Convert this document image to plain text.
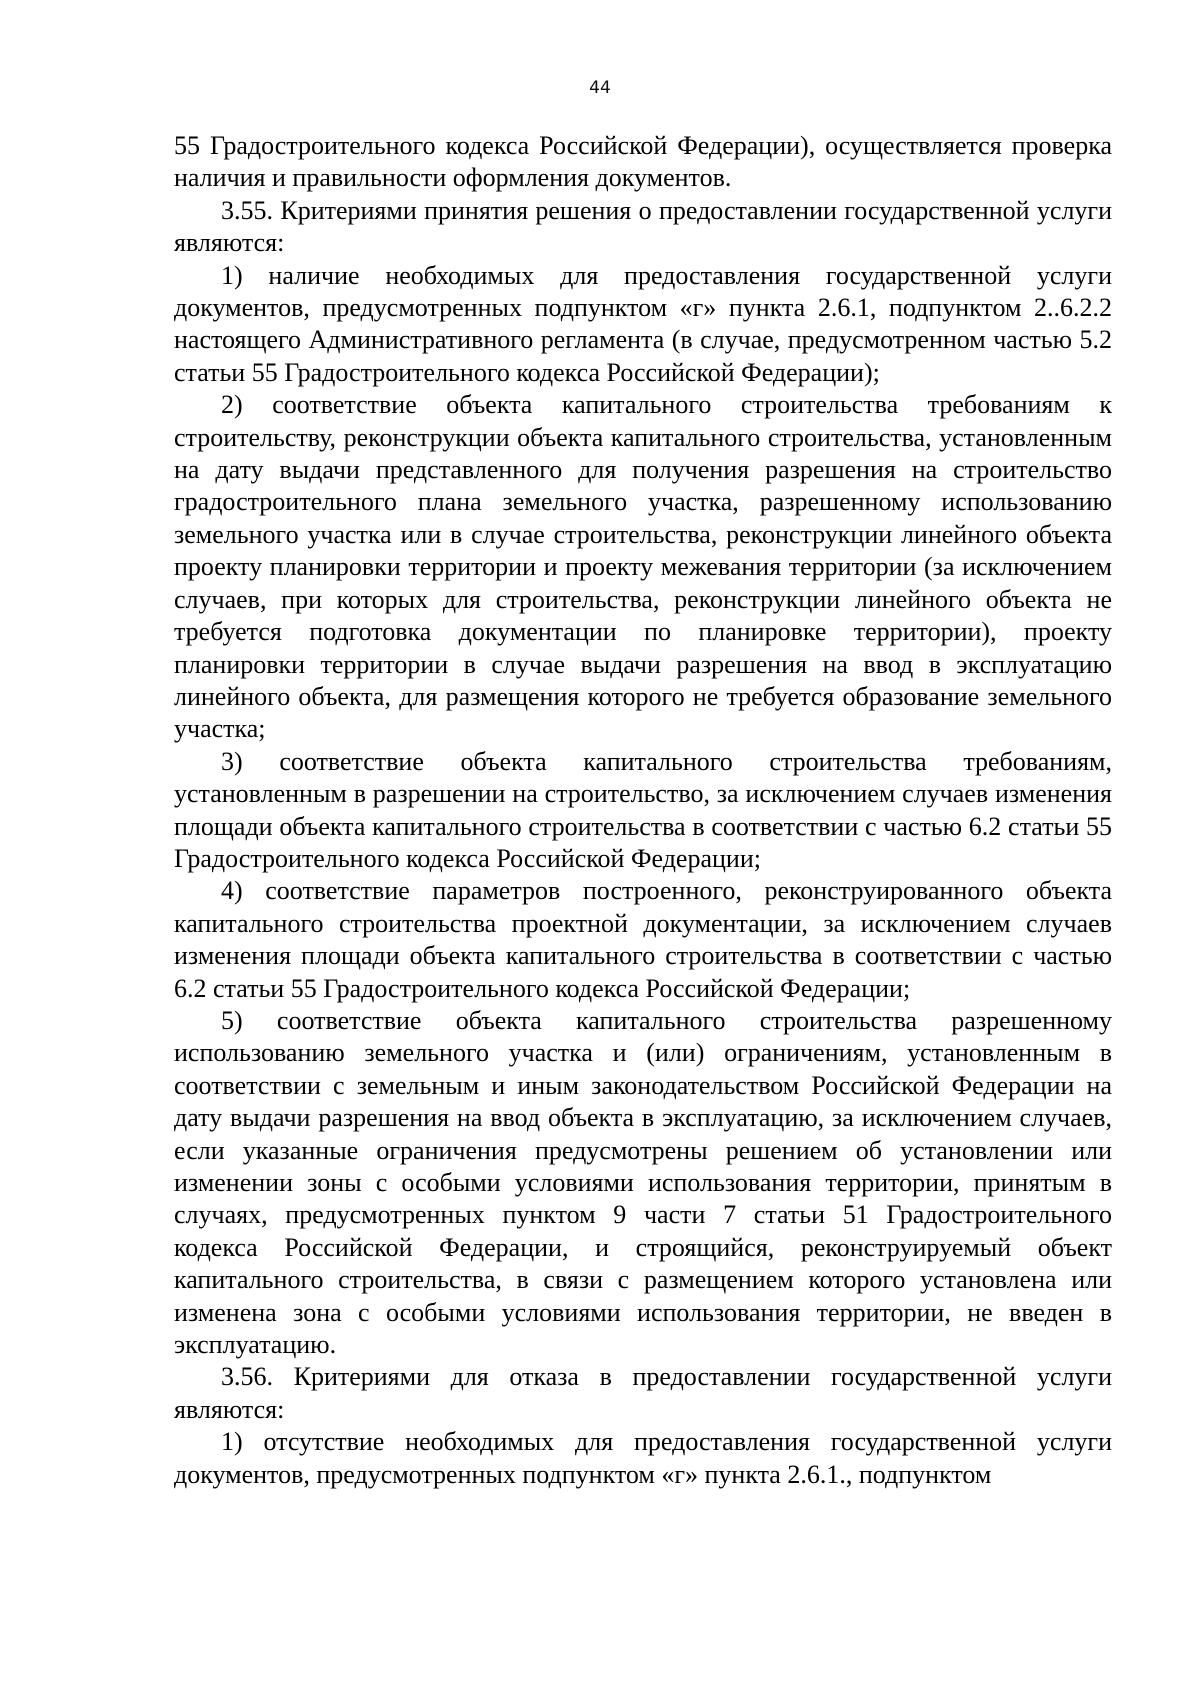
44

55 Градостроительного кодекса Российской Федерации), осуществляется проверка наличия и правильности оформления документов.

3.55. Критериями принятия решения о предоставлении государственной услуги являются:

1) наличие необходимых для предоставления государственной услуги документов, предусмотренных подпунктом «г» пункта 2.6.1, подпунктом 2..6.2.2 настоящего Административного регламента (в случае, предусмотренном частью 5.2 статьи 55 Градостроительного кодекса Российской Федерации);

2) соответствие объекта капитального строительства требованиям к строительству, реконструкции объекта капитального строительства, установленным на дату выдачи представленного для получения разрешения на строительство градостроительного плана земельного участка, разрешенному использованию земельного участка или в случае строительства, реконструкции линейного объекта проекту планировки территории и проекту межевания территории (за исключением случаев, при которых для строительства, реконструкции линейного объекта не требуется подготовка документации по планировке территории), проекту планировки территории в случае выдачи разрешения на ввод в эксплуатацию линейного объекта, для размещения которого не требуется образование земельного участка;

3) соответствие объекта капитального строительства требованиям, установленным в разрешении на строительство, за исключением случаев изменения площади объекта капитального строительства в соответствии с частью 6.2 статьи 55 Градостроительного кодекса Российской Федерации;

4) соответствие параметров построенного, реконструированного объекта капитального строительства проектной документации, за исключением случаев изменения площади объекта капитального строительства в соответствии с частью 6.2 статьи 55 Градостроительного кодекса Российской Федерации;

5) соответствие объекта капитального строительства разрешенному использованию земельного участка и (или) ограничениям, установленным в соответствии с земельным и иным законодательством Российской Федерации на дату выдачи разрешения на ввод объекта в эксплуатацию, за исключением случаев, если указанные ограничения предусмотрены решением об установлении или изменении зоны с особыми условиями использования территории, принятым в случаях, предусмотренных пунктом 9 части 7 статьи 51 Градостроительного кодекса Российской Федерации, и строящийся, реконструируемый объект капитального строительства, в связи с размещением которого установлена или изменена зона с особыми условиями использования территории, не введен в эксплуатацию.

3.56. Критериями для отказа в предоставлении государственной услуги являются:

1) отсутствие необходимых для предоставления государственной услуги документов, предусмотренных подпунктом «г» пункта 2.6.1., подпунктом
